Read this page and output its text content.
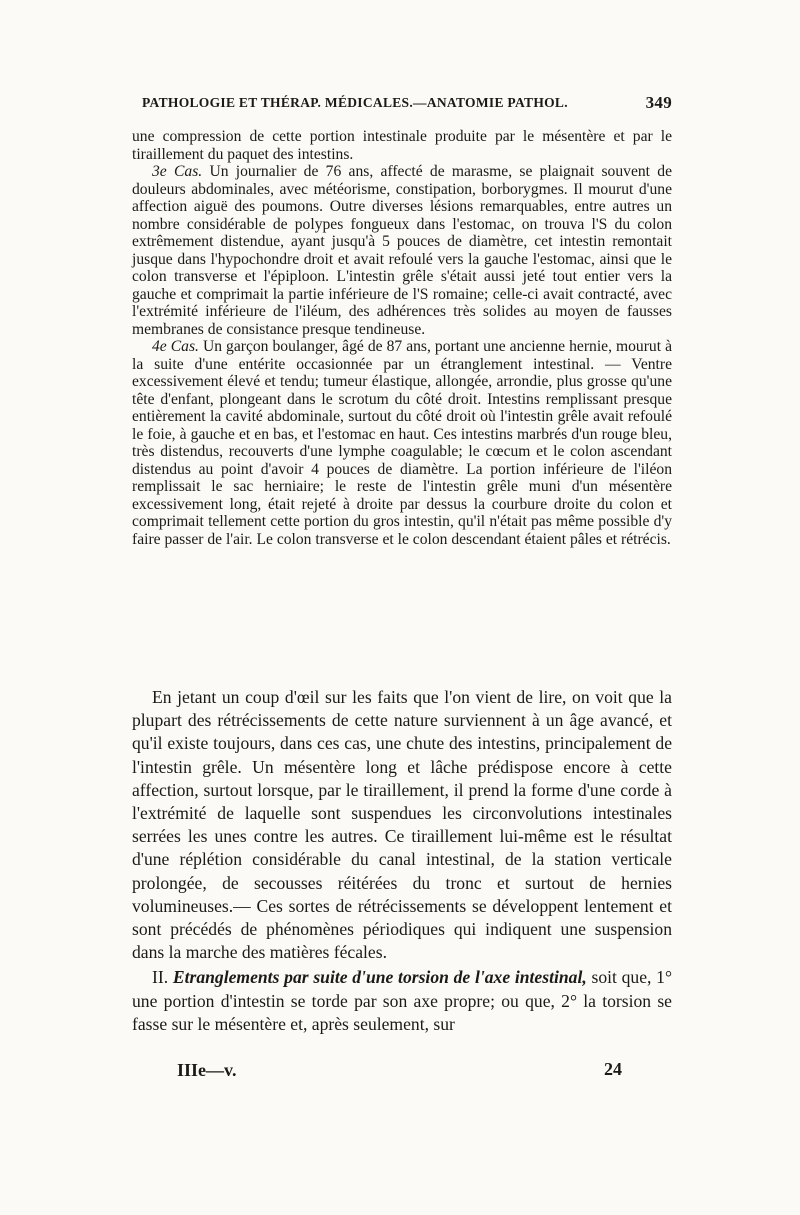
PATHOLOGIE ET THÉRAP. MÉDICALES.—ANATOMIE PATHOL.	349

une compression de cette portion intestinale produite par le mésentère et par le tiraillement du paquet des intestins.

3e Cas. Un journalier de 76 ans, affecté de marasme, se plaignait souvent de douleurs abdominales, avec météorisme, constipation, borborygmes. Il mourut d'une affection aiguë des poumons. Outre diverses lésions remarquables, entre autres un nombre considérable de polypes fongueux dans l'estomac, on trouva l'S du colon extrêmement distendue, ayant jusqu'à 5 pouces de diamètre, cet intestin remontait jusque dans l'hypochondre droit et avait refoulé vers la gauche l'estomac, ainsi que le colon transverse et l'épiploon. L'intestin grêle s'était aussi jeté tout entier vers la gauche et comprimait la partie inférieure de l'S romaine; celle-ci avait contracté, avec l'extrémité inférieure de l'iléum, des adhérences très solides au moyen de fausses membranes de consistance presque tendineuse.

4e Cas. Un garçon boulanger, âgé de 87 ans, portant une ancienne hernie, mourut à la suite d'une entérite occasionnée par un étranglement intestinal. — Ventre excessivement élevé et tendu; tumeur élastique, allongée, arrondie, plus grosse qu'une tête d'enfant, plongeant dans le scrotum du côté droit. Intestins remplissant presque entièrement la cavité abdominale, surtout du côté droit où l'intestin grêle avait refoulé le foie, à gauche et en bas, et l'estomac en haut. Ces intestins marbrés d'un rouge bleu, très distendus, recouverts d'une lymphe coagulable; le cœcum et le colon ascendant distendus au point d'avoir 4 pouces de diamètre. La portion inférieure de l'iléon remplissait le sac herniaire; le reste de l'intestin grêle muni d'un mésentère excessivement long, était rejeté à droite par dessus la courbure droite du colon et comprimait tellement cette portion du gros intestin, qu'il n'était pas même possible d'y faire passer de l'air. Le colon transverse et le colon descendant étaient pâles et rétrécis.

En jetant un coup d'œil sur les faits que l'on vient de lire, on voit que la plupart des rétrécissements de cette nature surviennent à un âge avancé, et qu'il existe toujours, dans ces cas, une chute des intestins, principalement de l'intestin grêle. Un mésentère long et lâche prédispose encore à cette affection, surtout lorsque, par le tiraillement, il prend la forme d'une corde à l'extrémité de laquelle sont suspendues les circonvolutions intestinales serrées les unes contre les autres. Ce tiraillement lui-même est le résultat d'une réplétion considérable du canal intestinal, de la station verticale prolongée, de secousses réitérées du tronc et surtout de hernies volumineuses.— Ces sortes de rétrécissements se développent lentement et sont précédés de phénomènes périodiques qui indiquent une suspension dans la marche des matières fécales.

II. Etranglements par suite d'une torsion de l'axe intestinal, soit que, 1° une portion d'intestin se torde par son axe propre; ou que, 2° la torsion se fasse sur le mésentère et, après seulement, sur

IIIe—v.	24
